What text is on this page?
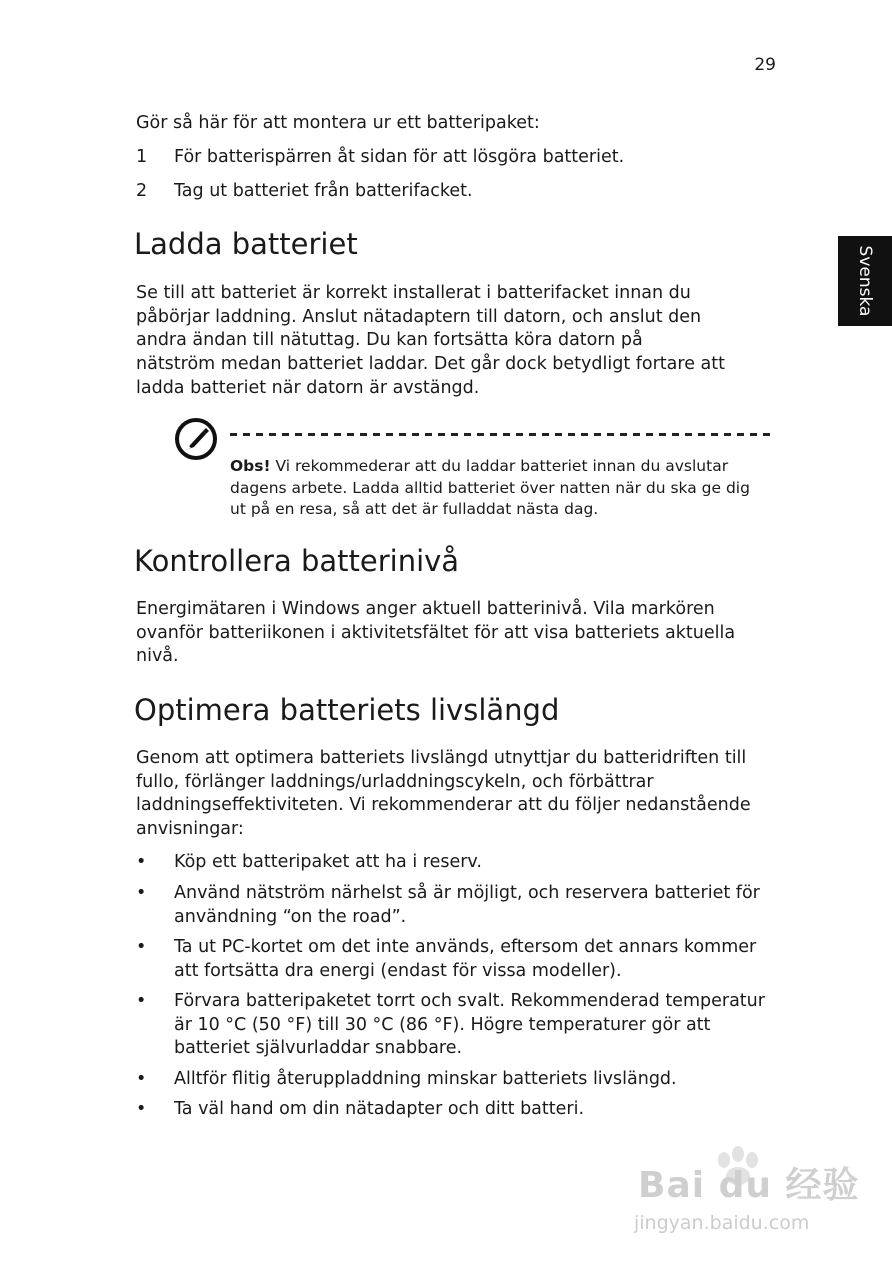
29
Svenska

Gör så här för att montera ur ett batteripaket:

1 För batterispärren åt sidan för att lösgöra batteriet.
2 Tag ut batteriet från batterifacket.
Ladda batteriet

Se till att batteriet är korrekt installerat i batterifacket innan du påbörjar laddning. Anslut nätadaptern till datorn, och anslut den andra ändan till nätuttag. Du kan fortsätta köra datorn på nätström medan batteriet laddar. Det går dock betydligt fortare att ladda batteriet när datorn är avstängd.

Obs! Vi rekommederar att du laddar batteriet innan du avslutar dagens arbete. Ladda alltid batteriet över natten när du ska ge dig ut på en resa, så att det är fulladdat nästa dag.

Kontrollera batterinivå

Energimätaren i Windows anger aktuell batterinivå. Vila markören ovanför batteriikonen i aktivitetsfältet för att visa batteriets aktuella nivå.

Optimera batteriets livslängd

Genom att optimera batteriets livslängd utnyttjar du batteridriften till fullo, förlänger laddnings/urladdningscykeln, och förbättrar laddningseffektiviteten. Vi rekommenderar att du följer nedanstående anvisningar:

• Köp ett batteripaket att ha i reserv.
• Använd nätström närhelst så är möjligt, och reservera batteriet för användning “on the road”.
• Ta ut PC-kortet om det inte används, eftersom det annars kommer att fortsätta dra energi (endast för vissa modeller).
• Förvara batteripaketet torrt och svalt. Rekommenderad temperatur är 10 °C (50 °F) till 30 °C (86 °F). Högre temperaturer gör att batteriet självurladdar snabbare.
• Alltför flitig återuppladdning minskar batteriets livslängd.
• Ta väl hand om din nätadapter och ditt batteri.
Bai du 经验
jingyan.baidu.com
